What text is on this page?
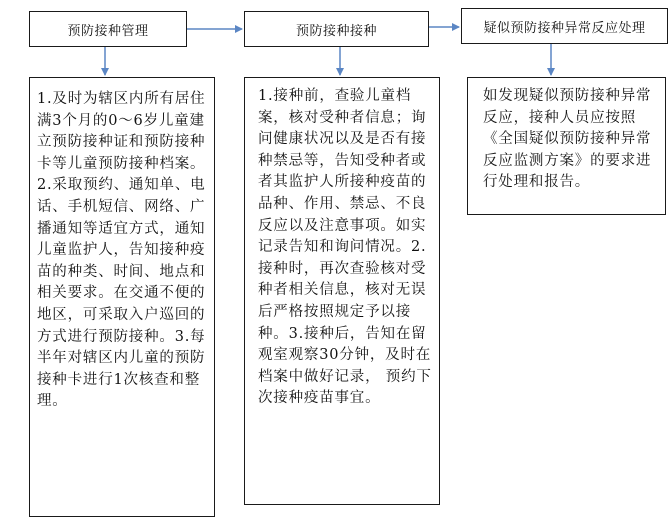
预防接种管理	预防接种接种	疑似预防接种异常反应处理
1.及时为辖区内所有居住满3个月的0～6岁儿童建立预防接种证和预防接种卡等儿童预防接种档案。2.采取预约、通知单、电话、手机短信、网络、广播通知等适宜方式，通知儿童监护人，告知接种疫苗的种类、时间、地点和相关要求。在交通不便的地区，可采取入户巡回的方式进行预防接种。3.每半年对辖区内儿童的预防接种卡进行1次核查和整理。
1.接种前，查验儿童档案，核对受种者信息；询问健康状况以及是否有接种禁忌等，告知受种者或者其监护人所接种疫苗的品种、作用、禁忌、不良反应以及注意事项。如实记录告知和询问情况。2.接种时，再次查验核对受种者相关信息，核对无误后严格按照规定予以接种。3.接种后，告知在留观室观察30分钟，及时在档案中做好记录， 预约下次接种疫苗事宜。
如发现疑似预防接种异常反应，接种人员应按照《全国疑似预防接种异常反应监测方案》的要求进行处理和报告。
